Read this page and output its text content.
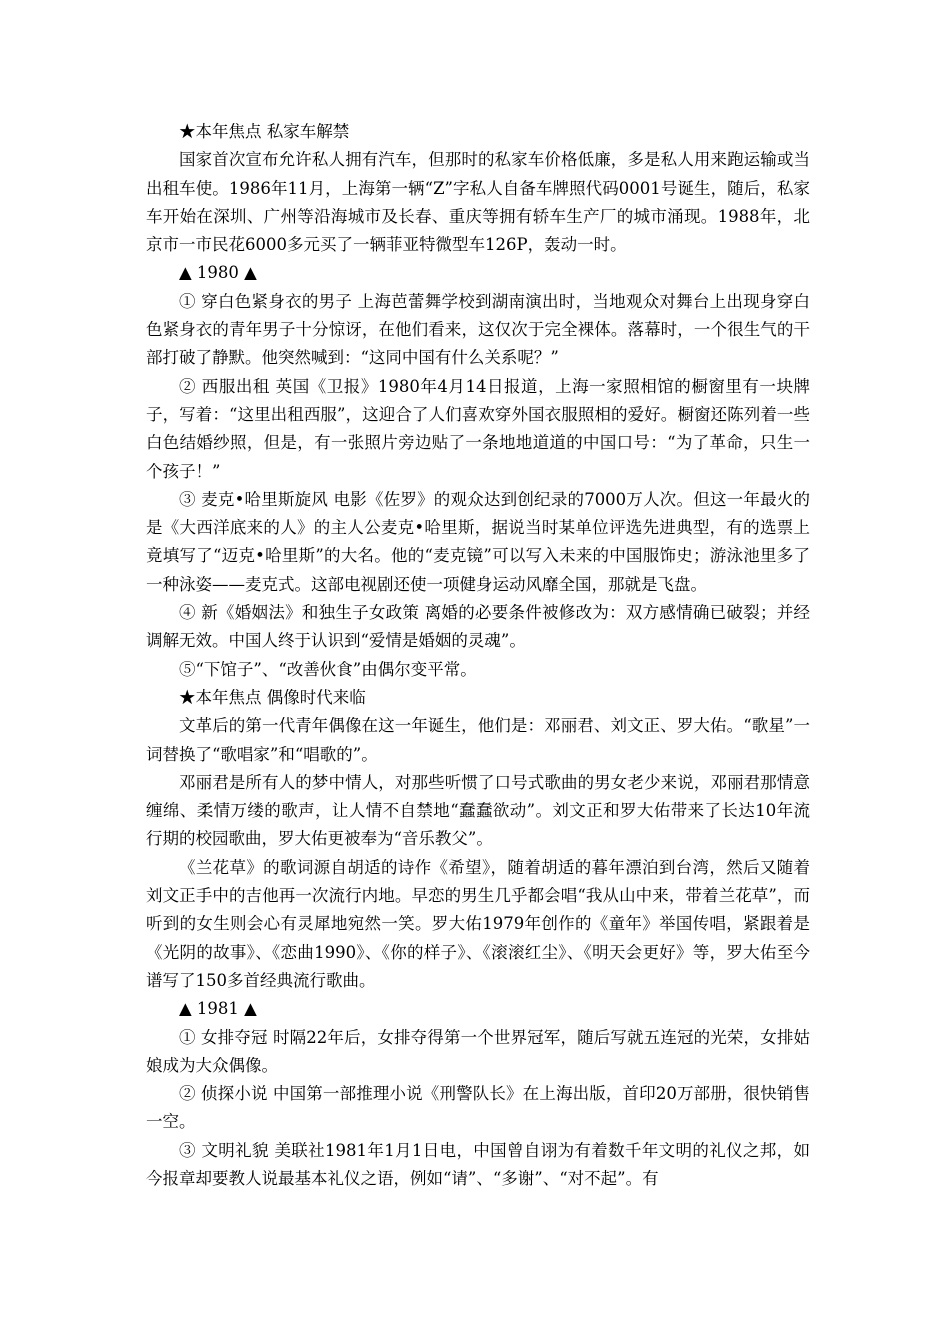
★本年焦点 私家车解禁

国家首次宣布允许私人拥有汽车，但那时的私家车价格低廉，多是私人用来跑运输或当出租车使。1986年11月，上海第一辆“Z”字私人自备车牌照代码0001号诞生，随后，私家车开始在深圳、广州等沿海城市及长春、重庆等拥有轿车生产厂的城市涌现。1988年，北京市一市民花6000多元买了一辆菲亚特微型车126P，轰动一时。

▲ 1980 ▲

① 穿白色紧身衣的男子 上海芭蕾舞学校到湖南演出时，当地观众对舞台上出现身穿白色紧身衣的青年男子十分惊讶，在他们看来，这仅次于完全裸体。落幕时，一个很生气的干部打破了静默。他突然喊到：“这同中国有什么关系呢？”

② 西服出租 英国《卫报》1980年4月14日报道，上海一家照相馆的橱窗里有一块牌子，写着：“这里出租西服”，这迎合了人们喜欢穿外国衣服照相的爱好。橱窗还陈列着一些白色结婚纱照，但是，有一张照片旁边贴了一条地地道道的中国口号：“为了革命，只生一个孩子！”

③ 麦克•哈里斯旋风 电影《佐罗》的观众达到创纪录的7000万人次。但这一年最火的是《大西洋底来的人》的主人公麦克•哈里斯，据说当时某单位评选先进典型，有的选票上竟填写了“迈克•哈里斯”的大名。他的“麦克镜”可以写入未来的中国服饰史；游泳池里多了一种泳姿——麦克式。这部电视剧还使一项健身运动风靡全国，那就是飞盘。

④ 新《婚姻法》和独生子女政策 离婚的必要条件被修改为：双方感情确已破裂；并经调解无效。中国人终于认识到“爱情是婚姻的灵魂”。

⑤“下馆子”、“改善伙食”由偶尔变平常。

★本年焦点 偶像时代来临

文革后的第一代青年偶像在这一年诞生，他们是：邓丽君、刘文正、罗大佑。“歌星”一词替换了“歌唱家”和“唱歌的”。

邓丽君是所有人的梦中情人，对那些听惯了口号式歌曲的男女老少来说，邓丽君那情意缠绵、柔情万缕的歌声，让人情不自禁地“蠢蠢欲动”。刘文正和罗大佑带来了长达10年流行期的校园歌曲，罗大佑更被奉为“音乐教父”。

《兰花草》的歌词源自胡适的诗作《希望》，随着胡适的暮年漂泊到台湾，然后又随着刘文正手中的吉他再一次流行内地。早恋的男生几乎都会唱“我从山中来，带着兰花草”，而听到的女生则会心有灵犀地宛然一笑。罗大佑1979年创作的《童年》举国传唱，紧跟着是《光阴的故事》、《恋曲1990》、《你的样子》、《滚滚红尘》、《明天会更好》等，罗大佑至今谱写了150多首经典流行歌曲。

▲ 1981 ▲

① 女排夺冠 时隔22年后，女排夺得第一个世界冠军，随后写就五连冠的光荣，女排姑娘成为大众偶像。

② 侦探小说 中国第一部推理小说《刑警队长》在上海出版，首印20万部册，很快销售一空。

③ 文明礼貌 美联社1981年1月1日电，中国曾自诩为有着数千年文明的礼仪之邦，如今报章却要教人说最基本礼仪之语，例如“请”、“多谢”、“对不起”。有
